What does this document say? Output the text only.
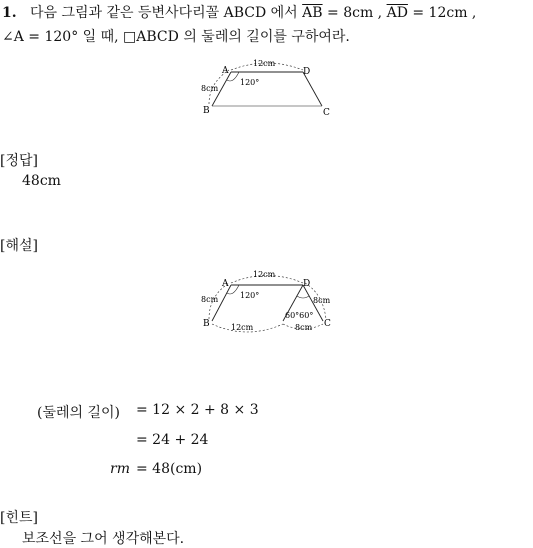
1. 다음 그림과 같은 등변사다리꼴 ABCD 에서 $\overline{AB} = 8cm$ , $\overline{AD} = 12cm$ ,
∠A = 120° 일 때, □ABCD 의 둘레의 길이를 구하여라.
A	D
B	C
12cm
8cm
120°
[정답]
48cm
[해설]
A	D
B	C
12cm
8cm	8cm
120°
60°60°
12cm	8cm
(둘레의 길이) = 12 × 2 + 8 × 3
= 24 + 24
rm = 48(cm)
[힌트]
보조선을 그어 생각해본다.
